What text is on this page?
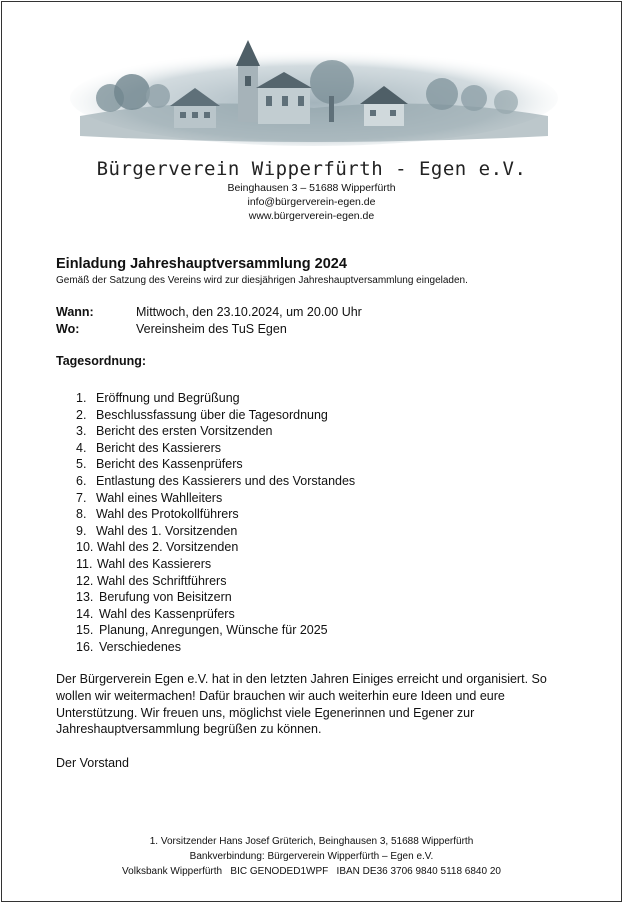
Bürgerverein Wipperfürth - Egen e.V.
Beinghausen 3 – 51688 Wipperfürth
info@bürgerverein-egen.de
www.bürgerverein-egen.de
Einladung Jahreshauptversammlung 2024
Gemäß der Satzung des Vereins wird zur diesjährigen Jahreshauptversammlung eingeladen.
Wann:	Mittwoch, den 23.10.2024, um 20.00 Uhr
Wo:	Vereinsheim des TuS Egen
Tagesordnung:
1. Eröffnung und Begrüßung
2. Beschlussfassung über die Tagesordnung
3. Bericht des ersten Vorsitzenden
4. Bericht des Kassierers
5. Bericht des Kassenprüfers
6. Entlastung des Kassierers und des Vorstandes
7. Wahl eines Wahlleiters
8. Wahl des Protokollführers
9. Wahl des 1. Vorsitzenden
10. Wahl des 2. Vorsitzenden
11. Wahl des Kassierers
12. Wahl des Schriftführers
13. Berufung von Beisitzern
14. Wahl des Kassenprüfers
15. Planung, Anregungen, Wünsche für 2025
16. Verschiedenes

Der Bürgerverein Egen e.V. hat in den letzten Jahren Einiges erreicht und organisiert. So wollen wir weitermachen! Dafür brauchen wir auch weiterhin eure Ideen und eure Unterstützung. Wir freuen uns, möglichst viele Egenerinnen und Egener zur Jahreshauptversammlung begrüßen zu können.

Der Vorstand
1. Vorsitzender Hans Josef Grüterich, Beinghausen 3, 51688 Wipperfürth
Bankverbindung: Bürgerverein Wipperfürth – Egen e.V.
Volksbank Wipperfürth   BIC GENODED1WPF   IBAN DE36 3706 9840 5118 6840 20
